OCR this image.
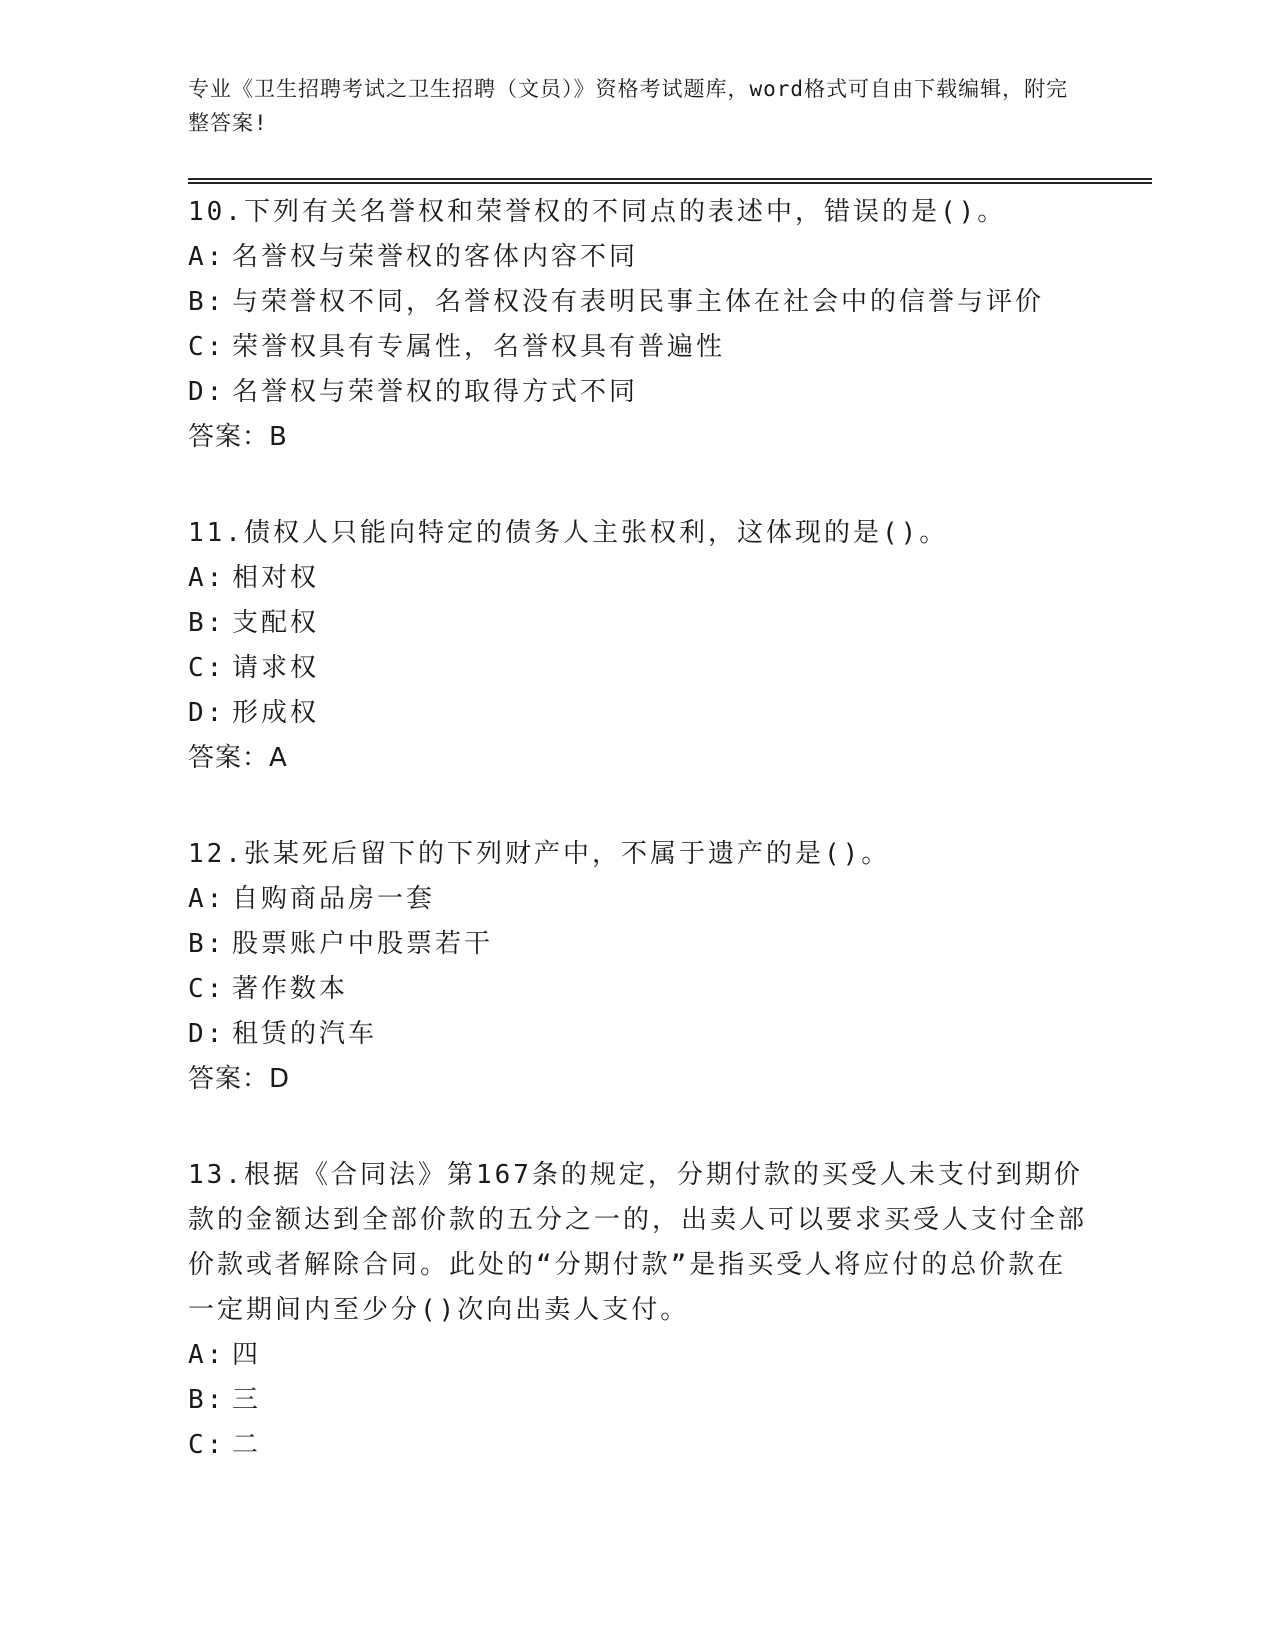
专业《卫生招聘考试之卫生招聘（文员）》资格考试题库，word格式可自由下载编辑，附完整答案!

10.下列有关名誉权和荣誉权的不同点的表述中，错误的是()。

A: 名誉权与荣誉权的客体内容不同

B: 与荣誉权不同，名誉权没有表明民事主体在社会中的信誉与评价

C: 荣誉权具有专属性，名誉权具有普遍性

D: 名誉权与荣誉权的取得方式不同

答案：B

11.债权人只能向特定的债务人主张权利，这体现的是()。

A: 相对权

B: 支配权

C: 请求权

D: 形成权

答案：A

12.张某死后留下的下列财产中，不属于遗产的是()。

A: 自购商品房一套

B: 股票账户中股票若干

C: 著作数本

D: 租赁的汽车

答案：D

13.根据《合同法》第167条的规定，分期付款的买受人未支付到期价款的金额达到全部价款的五分之一的，出卖人可以要求买受人支付全部价款或者解除合同。此处的“分期付款”是指买受人将应付的总价款在一定期间内至少分()次向出卖人支付。

A: 四

B: 三

C: 二
